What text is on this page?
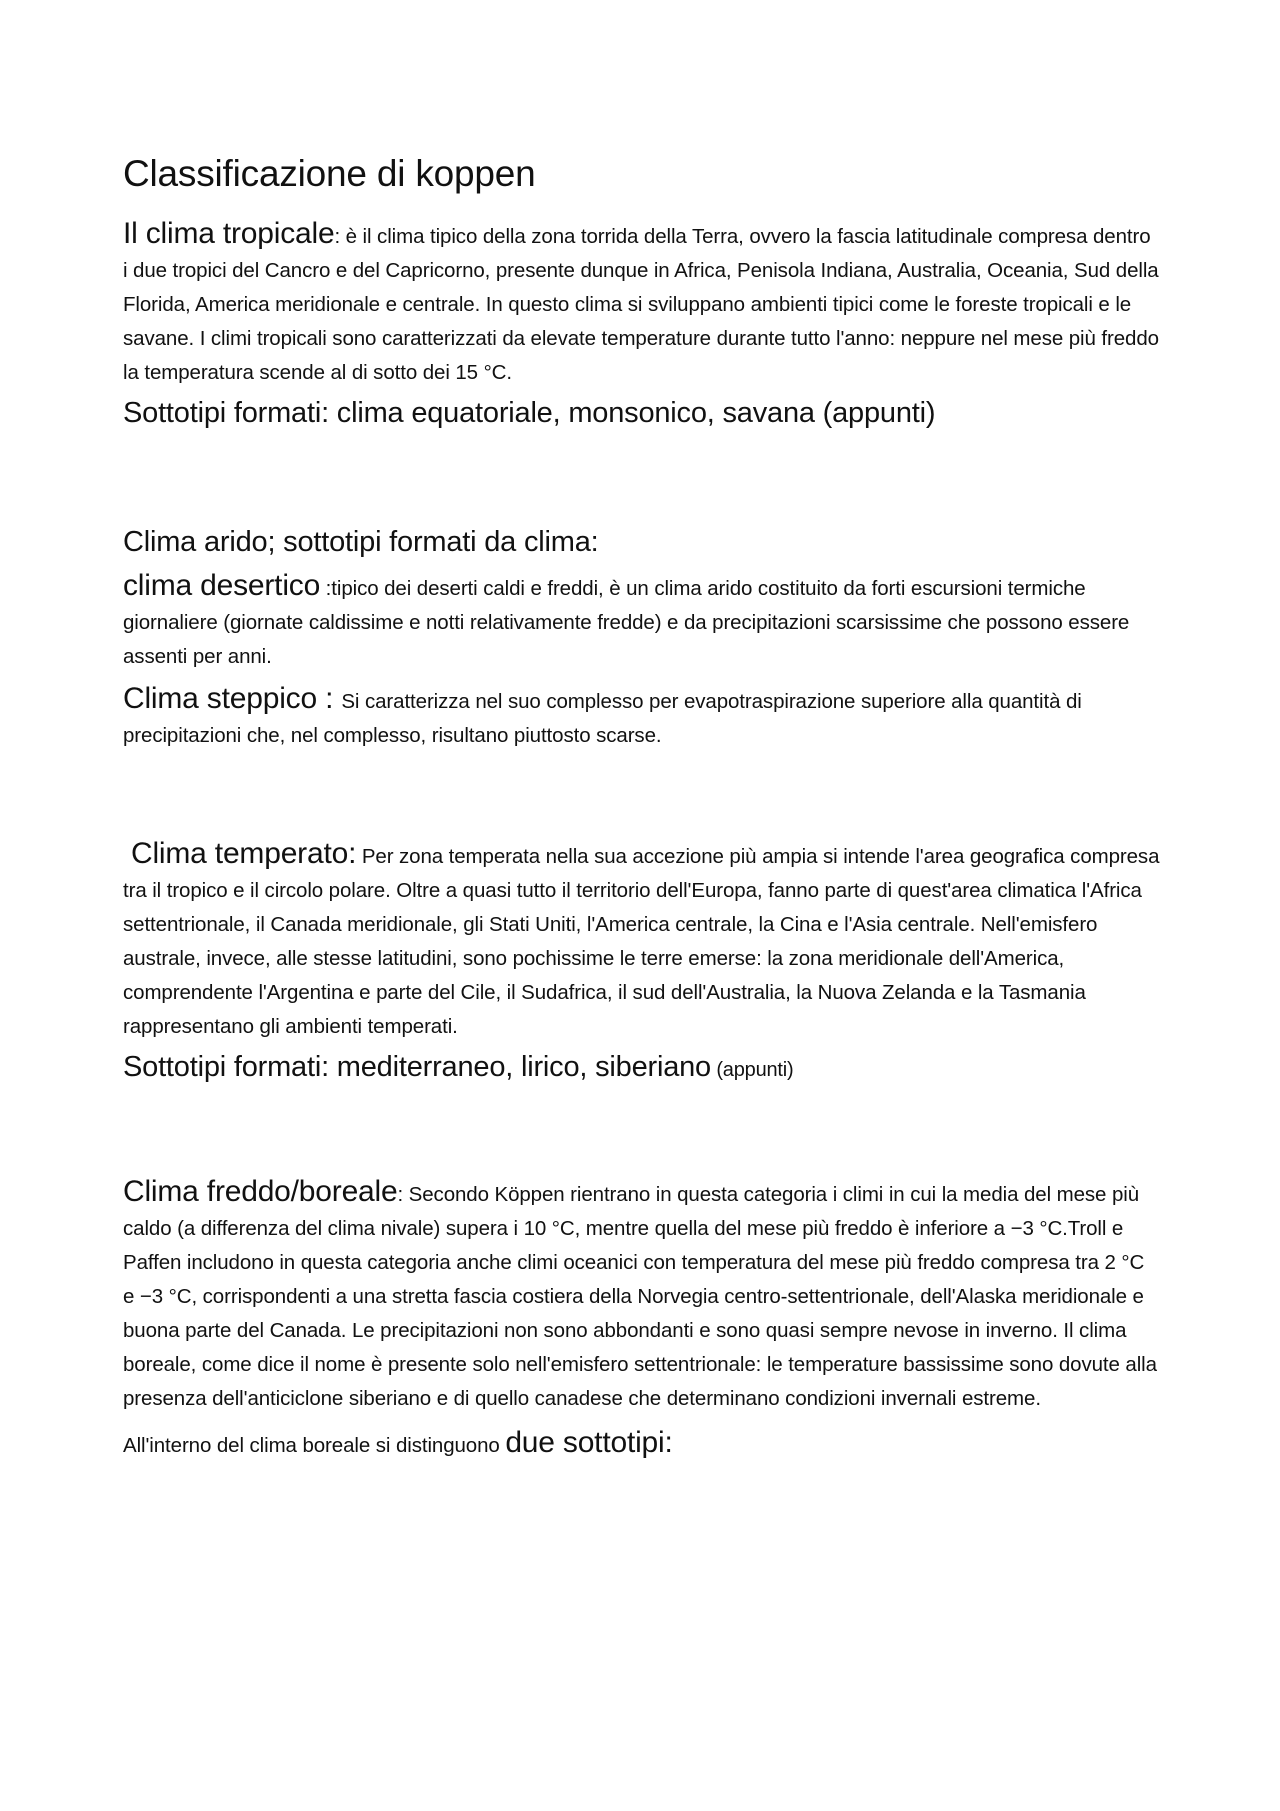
Classificazione di koppen

Il clima tropicale: è il clima tipico della zona torrida della Terra, ovvero la fascia latitudinale compresa dentro i due tropici del Cancro e del Capricorno, presente dunque in Africa, Penisola Indiana, Australia, Oceania, Sud della Florida, America meridionale e centrale. In questo clima si sviluppano ambienti tipici come le foreste tropicali e le savane. I climi tropicali sono caratterizzati da elevate temperature durante tutto l'anno: neppure nel mese più freddo la temperatura scende al di sotto dei 15 °C.

Sottotipi formati: clima equatoriale, monsonico, savana (appunti)

Clima arido; sottotipi formati da clima:

clima desertico :tipico dei deserti caldi e freddi, è un clima arido costituito da forti escursioni termiche giornaliere (giornate caldissime e notti relativamente fredde) e da precipitazioni scarsissime che possono essere assenti per anni.

Clima steppico : Si caratterizza nel suo complesso per evapotraspirazione superiore alla quantità di precipitazioni che, nel complesso, risultano piuttosto scarse.

Clima temperato: Per zona temperata nella sua accezione più ampia si intende l'area geografica compresa tra il tropico e il circolo polare. Oltre a quasi tutto il territorio dell'Europa, fanno parte di quest'area climatica l'Africa settentrionale, il Canada meridionale, gli Stati Uniti, l'America centrale, la Cina e l'Asia centrale. Nell'emisfero australe, invece, alle stesse latitudini, sono pochissime le terre emerse: la zona meridionale dell'America, comprendente l'Argentina e parte del Cile, il Sudafrica, il sud dell'Australia, la Nuova Zelanda e la Tasmania rappresentano gli ambienti temperati.

Sottotipi formati: mediterraneo, lirico, siberiano (appunti)

Clima freddo/boreale: Secondo Köppen rientrano in questa categoria i climi in cui la media del mese più caldo (a differenza del clima nivale) supera i 10 °C, mentre quella del mese più freddo è inferiore a −3 °C.Troll e Paffen includono in questa categoria anche climi oceanici con temperatura del mese più freddo compresa tra 2 °C e −3 °C, corrispondenti a una stretta fascia costiera della Norvegia centro-settentrionale, dell'Alaska meridionale e buona parte del Canada. Le precipitazioni non sono abbondanti e sono quasi sempre nevose in inverno. Il clima boreale, come dice il nome è presente solo nell'emisfero settentrionale: le temperature bassissime sono dovute alla presenza dell'anticiclone siberiano e di quello canadese che determinano condizioni invernali estreme.

All'interno del clima boreale si distinguono due sottotipi:
